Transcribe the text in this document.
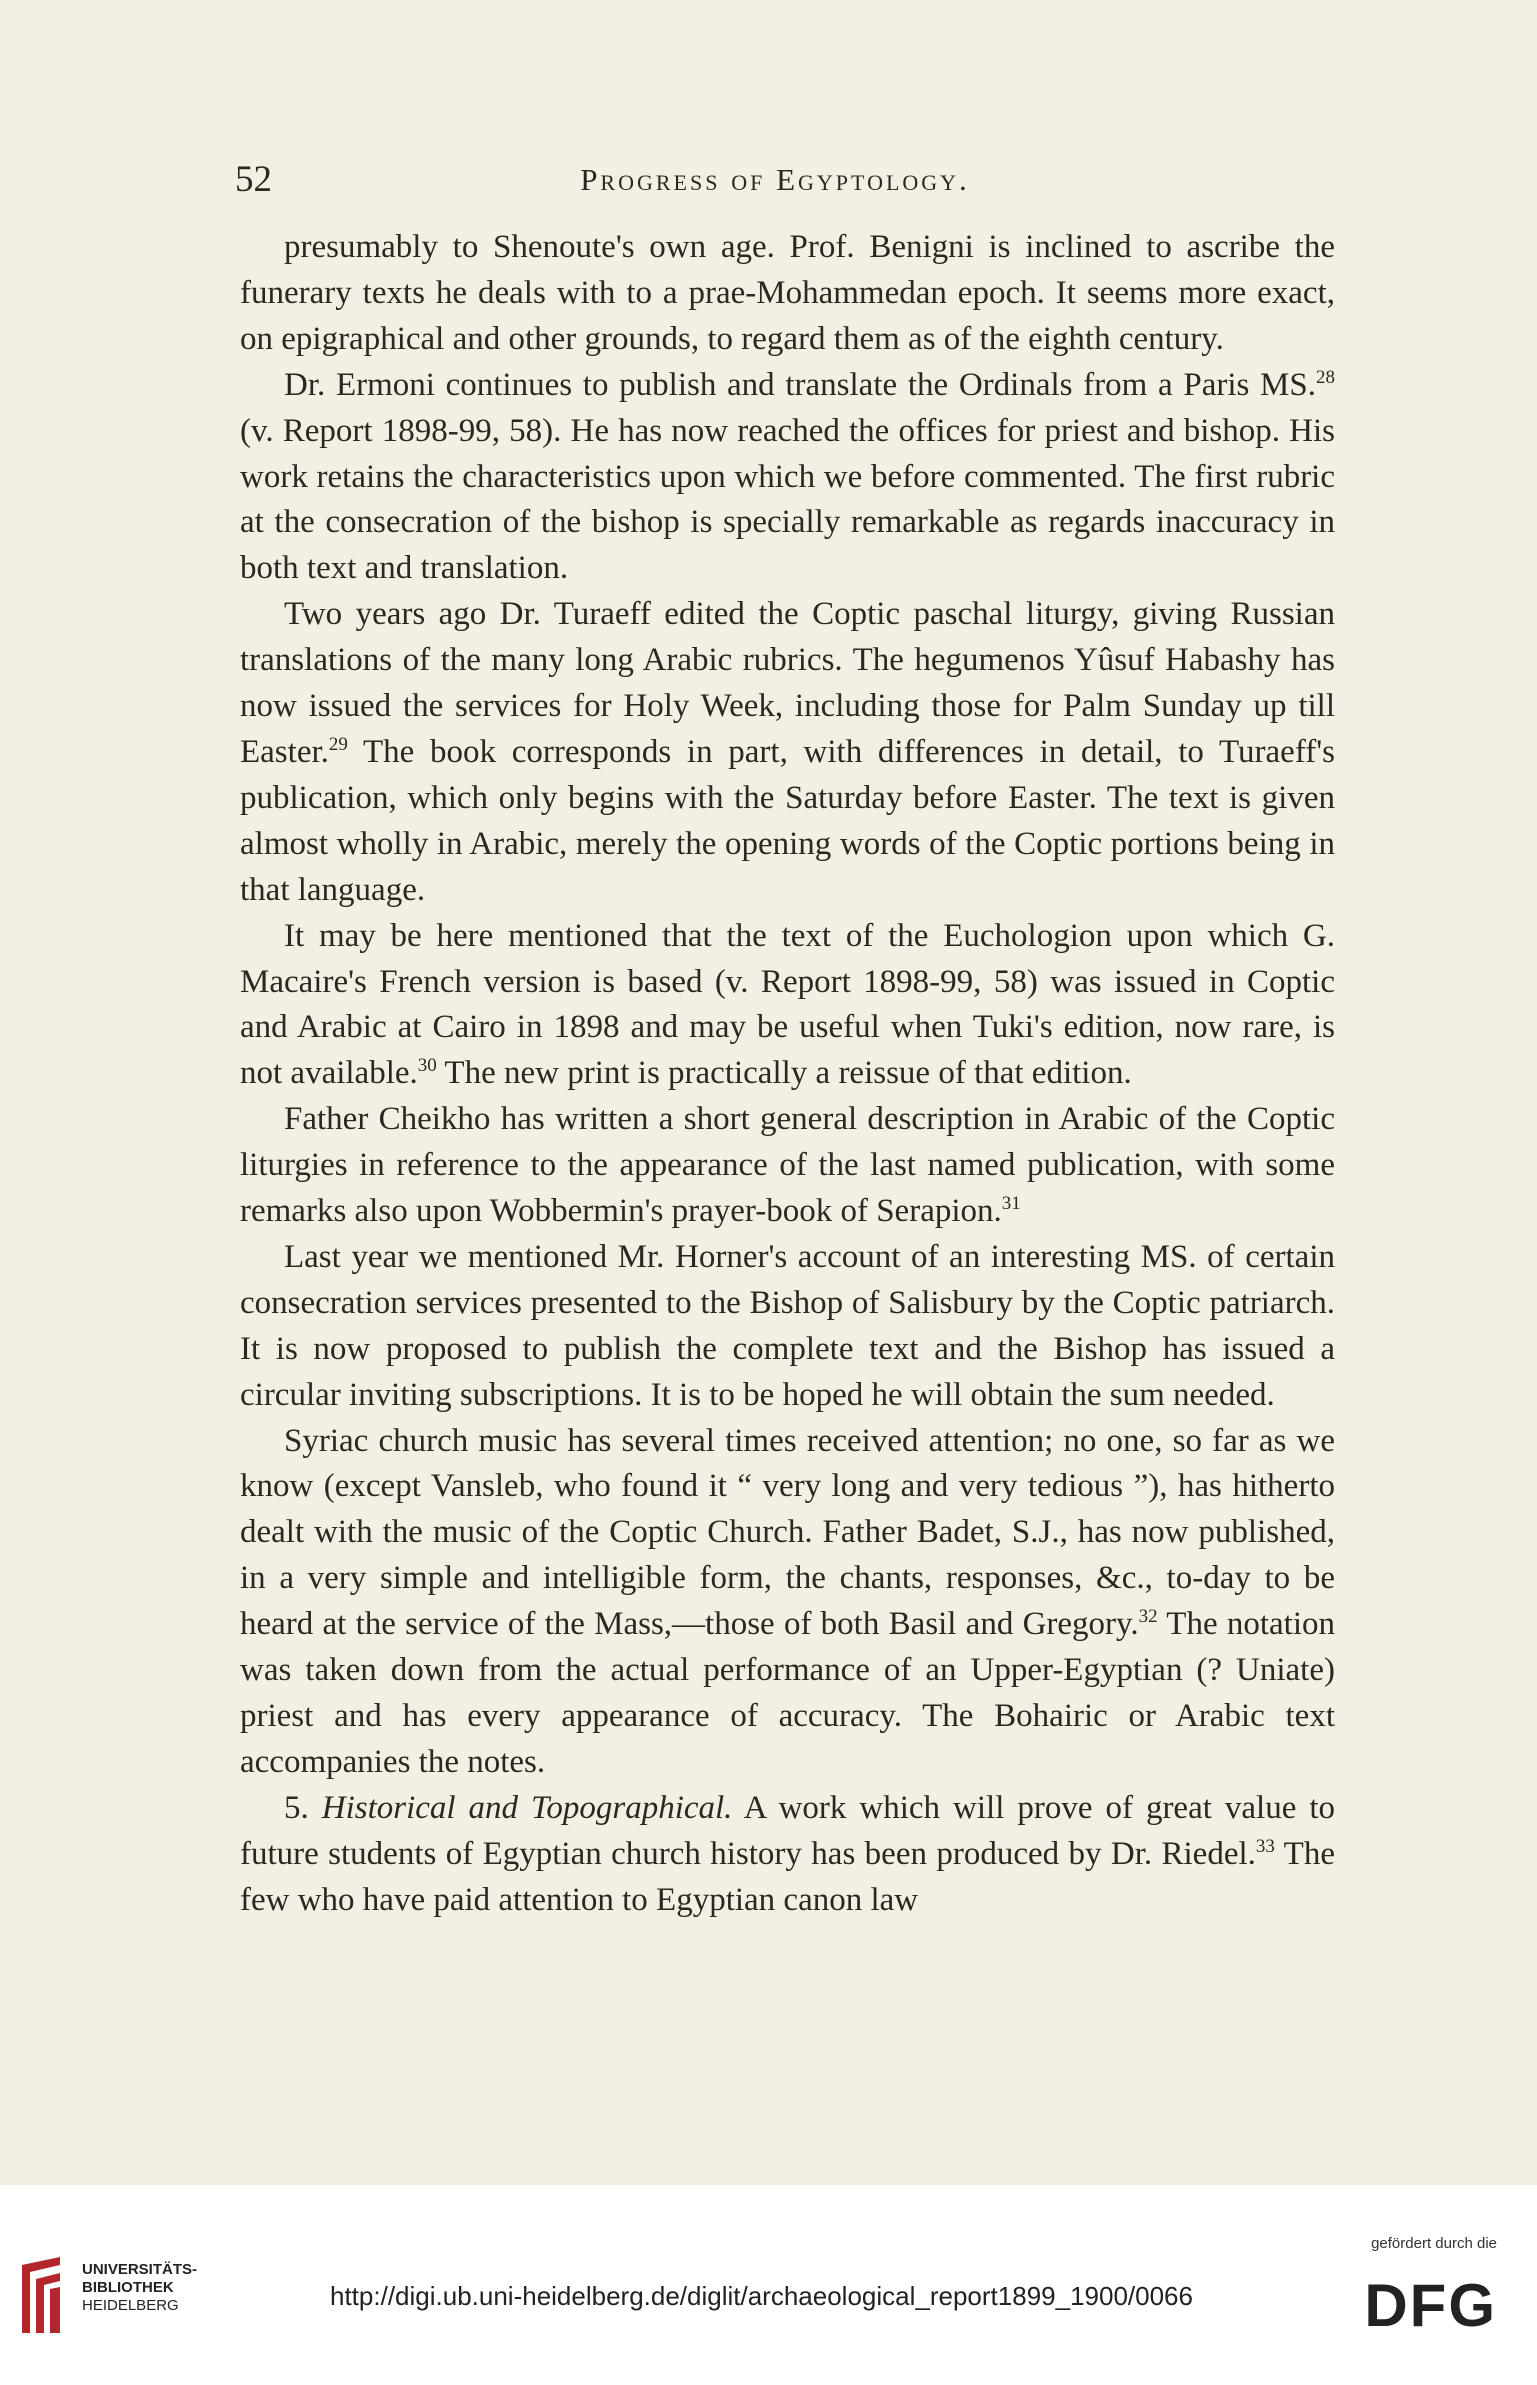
52	Progress of Egyptology.

presumably to Shenoute's own age. Prof. Benigni is inclined to ascribe the funerary texts he deals with to a prae-Mohammedan epoch. It seems more exact, on epigraphical and other grounds, to regard them as of the eighth century.

Dr. Ermoni continues to publish and translate the Ordinals from a Paris MS.$^{28}$ (v. Report 1898-99, 58). He has now reached the offices for priest and bishop. His work retains the characteristics upon which we before commented. The first rubric at the consecration of the bishop is specially remarkable as regards inaccuracy in both text and translation.

Two years ago Dr. Turaeff edited the Coptic paschal liturgy, giving Russian translations of the many long Arabic rubrics. The hegumenos Yûsuf Habashy has now issued the services for Holy Week, including those for Palm Sunday up till Easter.$^{29}$ The book corresponds in part, with differences in detail, to Turaeff's publication, which only begins with the Saturday before Easter. The text is given almost wholly in Arabic, merely the opening words of the Coptic portions being in that language.

It may be here mentioned that the text of the Euchologion upon which G. Macaire's French version is based (v. Report 1898-99, 58) was issued in Coptic and Arabic at Cairo in 1898 and may be useful when Tuki's edition, now rare, is not available.$^{30}$ The new print is practically a reissue of that edition.

Father Cheikho has written a short general description in Arabic of the Coptic liturgies in reference to the appearance of the last named publication, with some remarks also upon Wobbermin's prayer-book of Serapion.$^{31}$

Last year we mentioned Mr. Horner's account of an interesting MS. of certain consecration services presented to the Bishop of Salisbury by the Coptic patriarch. It is now proposed to publish the complete text and the Bishop has issued a circular inviting subscriptions. It is to be hoped he will obtain the sum needed.

Syriac church music has several times received attention; no one, so far as we know (except Vansleb, who found it “ very long and very tedious ”), has hitherto dealt with the music of the Coptic Church. Father Badet, S.J., has now published, in a very simple and intelligible form, the chants, responses, &c., to-day to be heard at the service of the Mass,—those of both Basil and Gregory.$^{32}$ The notation was taken down from the actual performance of an Upper-Egyptian (? Uniate) priest and has every appearance of accuracy. The Bohairic or Arabic text accompanies the notes.

5. Historical and Topographical. A work which will prove of great value to future students of Egyptian church history has been produced by Dr. Riedel.$^{33}$ The few who have paid attention to Egyptian canon law

UNIVERSITÄTS-
BIBLIOTHEK
HEIDELBERG	http://digi.ub.uni-heidelberg.de/diglit/archaeological_report1899_1900/0066
gefördert durch die
DFG
